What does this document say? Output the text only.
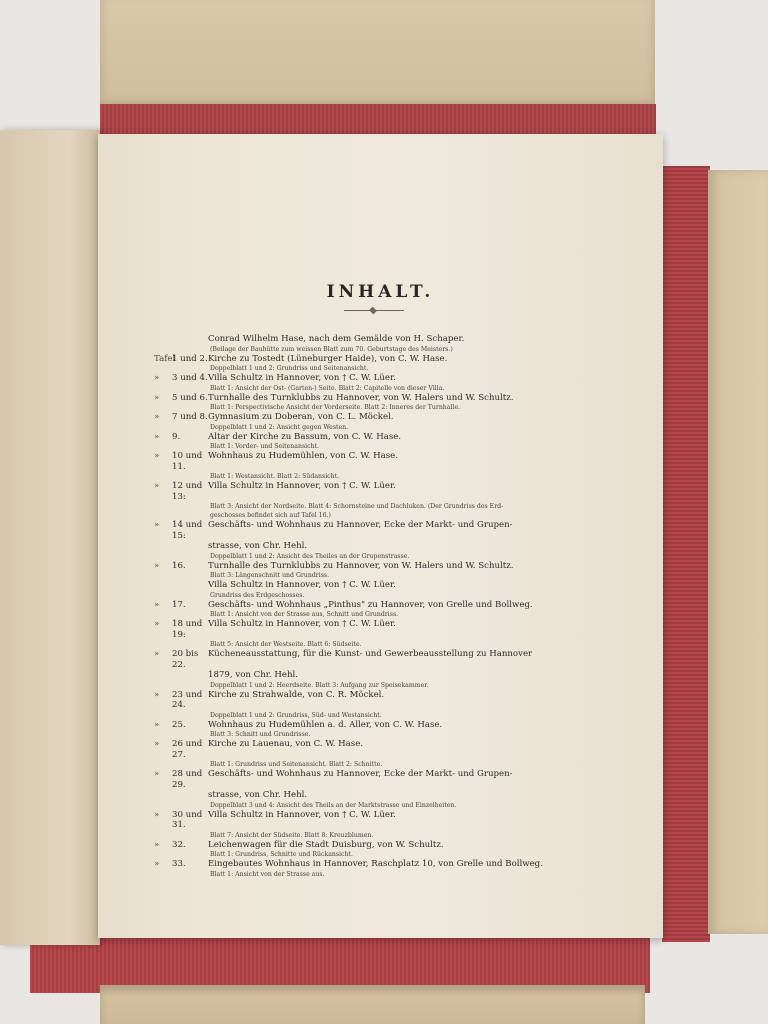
INHALT.
Conrad Wilhelm Hase, nach dem Gemälde von H. Schaper.
(Beilage der Bauhütte zum weissen Blatt zum 70. Geburtstage des Meisters.)
Tafel
1 und 2. Kirche zu Tostedt (Lüneburger Haide), von C. W. Hase.
Doppelblatt 1 und 2: Grundriss und Seitenansicht.
»	3 und 4. Villa Schultz in Hannover, von † C. W. Lüer.
Blatt 1: Ansicht der Ost- (Garten-) Seite. Blatt 2: Capitelle von dieser Villa.
»	5 und 6. Turnhalle des Turnklubbs zu Hannover, von W. Halers und W. Schultz.
Blatt 1: Perspectivische Ansicht der Vorderseite. Blatt 2: Inneres der Turnhalle.
»	7 und 8. Gymnasium zu Doberan, von C. L. Möckel.
Doppelblatt 1 und 2: Ansicht gegen Westen.
»	9.	Altar der Kirche zu Bassum, von C. W. Hase.
Blatt 1: Vorder- und Seitenansicht.
»	10 und 11.
Wohnhaus zu Hudemühlen, von C. W. Hase.
Blatt 1: Westansicht. Blatt 2: Südansicht.
»	12 und 13:
Villa Schultz in Hannover, von † C. W. Lüer.
Blatt 3: Ansicht der Nordseite. Blatt 4: Schornsteine und Dachluken. (Der Grundriss des Erd-
geschosses befindet sich auf Tafel 16.)
»	14 und 15:
Geschäfts- und Wohnhaus zu Hannover, Ecke der Markt- und Grupen-
strasse, von Chr. Hehl.
Doppelblatt 1 und 2: Ansicht des Theiles an der Grupenstrasse.
»	16.	Turnhalle des Turnklubbs zu Hannover, von W. Halers und W. Schultz.
Blatt 3: Längenschnitt und Grundriss.
Villa Schultz in Hannover, von † C. W. Lüer.
Grundriss des Erdgeschosses.
»	17.	Geschäfts- und Wohnhaus „Pinthus" zu Hannover, von Grelle und Bollweg.
Blatt 1: Ansicht von der Strasse aus, Schnitt und Grundriss.
»	18 und 19:
Villa Schultz in Hannover, von † C. W. Lüer.
Blatt 5: Ansicht der Westseite. Blatt 6: Südseite.
»	20 bis 22.
Kücheneausstattung, für die Kunst- und Gewerbeausstellung zu Hannover
1879, von Chr. Hehl.
Doppelblatt 1 und 2: Heerdseite. Blatt 3: Aufgang zur Speisekammer.
»	23 und 24.
Kirche zu Strahwalde, von C. R. Möckel.
Doppelblatt 1 und 2: Grundriss, Süd- und Westansicht.
»	25.	Wohnhaus zu Hudemühlen a. d. Aller, von C. W. Hase.
Blatt 3: Schnitt und Grundrisse.
»	26 und 27.
Kirche zu Lauenau, von C. W. Hase.
Blatt 1: Grundriss und Seitenansicht. Blatt 2: Schnitte.
»	28 und 29.
Geschäfts- und Wohnhaus zu Hannover, Ecke der Markt- und Grupen-
strasse, von Chr. Hehl.
Doppelblatt 3 und 4: Ansicht des Theils an der Marktstrasse und Einzelheiten.
»	30 und 31.
Villa Schultz in Hannover, von † C. W. Lüer.
Blatt 7: Ansicht der Südseite. Blatt 8: Kreuzblumen.
»	32.	Leichenwagen für die Stadt Duisburg, von W. Schultz.
Blatt 1: Grundriss, Schnitte und Rückansicht.
»	33.	Eingebautes Wohnhaus in Hannover, Raschplatz 10, von Grelle und Bollweg.
Blatt 1: Ansicht von der Strasse aus.
